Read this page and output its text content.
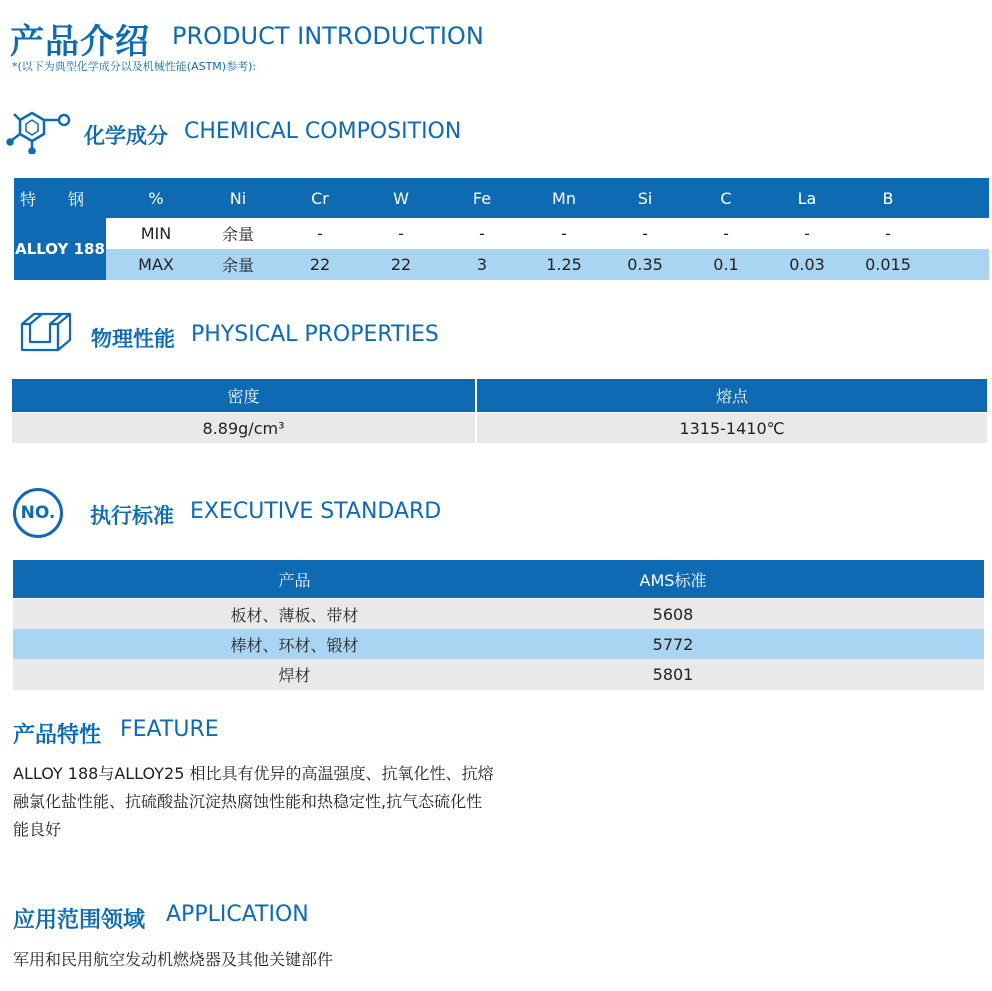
产品介绍 PRODUCT INTRODUCTION
*(以下为典型化学成分以及机械性能(ASTM)参考):
化学成分 CHEMICAL COMPOSITION
特　　钢	%	Ni	Cr	W	Fe	Mn	Si	C	La	B
ALLOY 188
MIN	余量	-	-	-	-	-	-	-	-
MAX	余量	22	22	3	1.25	0.35	0.1	0.03	0.015
物理性能 PHYSICAL PROPERTIES
密度	熔点
8.89g/cm³	1315-1410℃
NO. 执行标准 EXECUTIVE STANDARD
产品	AMS标准
板材、薄板、带材	5608
棒材、环材、锻材	5772
焊材	5801
产品特性 FEATURE
ALLOY 188与ALLOY25 相比具有优异的高温强度、抗氧化性、抗熔
融氯化盐性能、抗硫酸盐沉淀热腐蚀性能和热稳定性,抗气态硫化性
能良好
应用范围领域 APPLICATION
军用和民用航空发动机燃烧器及其他关键部件
